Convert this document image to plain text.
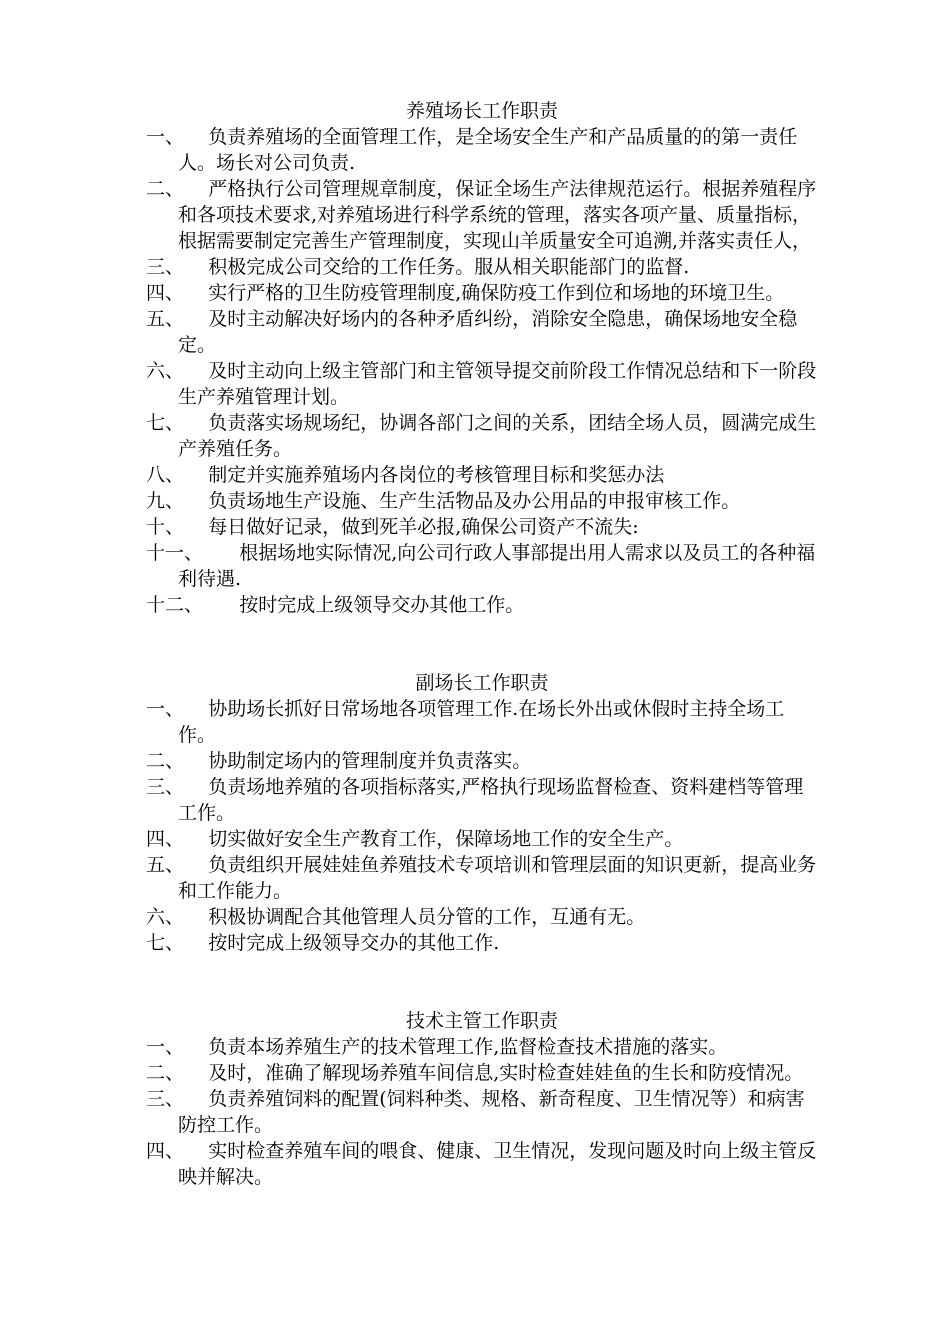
养殖场长工作职责

一、 负责养殖场的全面管理工作，是全场安全生产和产品质量的的第一责任人。场长对公司负责.

二、 严格执行公司管理规章制度，保证全场生产法律规范运行。根据养殖程序和各项技术要求,对养殖场进行科学系统的管理，落实各项产量、质量指标，根据需要制定完善生产管理制度，实现山羊质量安全可追溯,并落实责任人，

三、 积极完成公司交给的工作任务。服从相关职能部门的监督.

四、 实行严格的卫生防疫管理制度,确保防疫工作到位和场地的环境卫生。

五、 及时主动解决好场内的各种矛盾纠纷，消除安全隐患，确保场地安全稳定。

六、 及时主动向上级主管部门和主管领导提交前阶段工作情况总结和下一阶段生产养殖管理计划。

七、 负责落实场规场纪，协调各部门之间的关系，团结全场人员，圆满完成生产养殖任务。

八、 制定并实施养殖场内各岗位的考核管理目标和奖惩办法

九、 负责场地生产设施、生产生活物品及办公用品的申报审核工作。

十、 每日做好记录，做到死羊必报,确保公司资产不流失:

十一、 根据场地实际情况,向公司行政人事部提出用人需求以及员工的各种福利待遇.

十二、 按时完成上级领导交办其他工作。

副场长工作职责

一、 协助场长抓好日常场地各项管理工作.在场长外出或休假时主持全场工作。

二、 协助制定场内的管理制度并负责落实。

三、 负责场地养殖的各项指标落实,严格执行现场监督检查、资料建档等管理工作。

四、 切实做好安全生产教育工作，保障场地工作的安全生产。

五、 负责组织开展娃娃鱼养殖技术专项培训和管理层面的知识更新，提高业务和工作能力。

六、 积极协调配合其他管理人员分管的工作，互通有无。

七、 按时完成上级领导交办的其他工作.

技术主管工作职责

一、 负责本场养殖生产的技术管理工作,监督检查技术措施的落实。

二、 及时，准确了解现场养殖车间信息,实时检查娃娃鱼的生长和防疫情况。

三、 负责养殖饲料的配置(饲料种类、规格、新奇程度、卫生情况等）和病害防控工作。

四、 实时检查养殖车间的喂食、健康、卫生情况，发现问题及时向上级主管反映并解决。
